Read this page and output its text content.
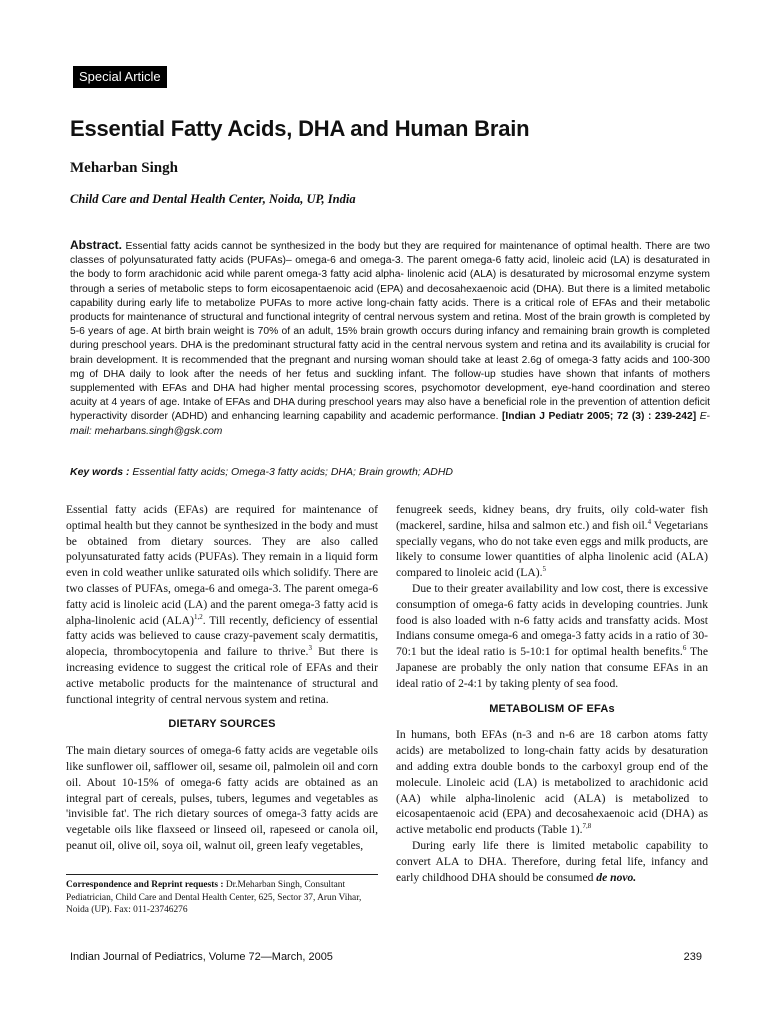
Special Article
Essential Fatty Acids, DHA and Human Brain
Meharban Singh
Child Care and Dental Health Center, Noida, UP, India

Abstract. Essential fatty acids cannot be synthesized in the body but they are required for maintenance of optimal health. There are two classes of polyunsaturated fatty acids (PUFAs)– omega-6 and omega-3. The parent omega-6 fatty acid, linoleic acid (LA) is desaturated in the body to form arachidonic acid while parent omega-3 fatty acid alpha- linolenic acid (ALA) is desaturated by microsomal enzyme system through a series of metabolic steps to form eicosapentaenoic acid (EPA) and decosahexaenoic acid (DHA). But there is a limited metabolic capability during early life to metabolize PUFAs to more active long-chain fatty acids. There is a critical role of EFAs and their metabolic products for maintenance of structural and functional integrity of central nervous system and retina. Most of the brain growth is completed by 5-6 years of age. At birth brain weight is 70% of an adult, 15% brain growth occurs during infancy and remaining brain growth is completed during preschool years. DHA is the predominant structural fatty acid in the central nervous system and retina and its availability is crucial for brain development. It is recommended that the pregnant and nursing woman should take at least 2.6g of omega-3 fatty acids and 100-300 mg of DHA daily to look after the needs of her fetus and suckling infant. The follow-up studies have shown that infants of mothers supplemented with EFAs and DHA had higher mental processing scores, psychomotor development, eye-hand coordination and stereo acuity at 4 years of age. Intake of EFAs and DHA during preschool years may also have a beneficial role in the prevention of attention deficit hyperactivity disorder (ADHD) and enhancing learning capability and academic performance. [Indian J Pediatr 2005; 72 (3) : 239-242] E-mail: meharbans.singh@gsk.com

Key words : Essential fatty acids; Omega-3 fatty acids; DHA; Brain growth; ADHD

Essential fatty acids (EFAs) are required for maintenance of optimal health but they cannot be synthesized in the body and must be obtained from dietary sources. They are also called polyunsaturated fatty acids (PUFAs). They remain in a liquid form even in cold weather unlike saturated oils which solidify. There are two classes of PUFAs, omega-6 and omega-3. The parent omega-6 fatty acid is linoleic acid (LA) and the parent omega-3 fatty acid is alpha-linolenic acid (ALA)$^{1,2}$. Till recently, deficiency of essential fatty acids was believed to cause crazy-pavement scaly dermatitis, alopecia, thrombocytopenia and failure to thrive.$^3$ But there is increasing evidence to suggest the critical role of EFAs and their active metabolic products for the maintenance of structural and functional integrity of central nervous system and retina.

DIETARY SOURCES

The main dietary sources of omega-6 fatty acids are vegetable oils like sunflower oil, safflower oil, sesame oil, palmolein oil and corn oil. About 10-15% of omega-6 fatty acids are obtained as an integral part of cereals, pulses, tubers, legumes and vegetables as 'invisible fat'. The rich dietary sources of omega-3 fatty acids are vegetable oils like flaxseed or linseed oil, rapeseed or canola oil, peanut oil, olive oil, soya oil, walnut oil, green leafy vegetables,

fenugreek seeds, kidney beans, dry fruits, oily cold-water fish (mackerel, sardine, hilsa and salmon etc.) and fish oil.$^4$ Vegetarians specially vegans, who do not take even eggs and milk products, are likely to consume lower quantities of alpha linolenic acid (ALA) compared to linoleic acid (LA).$^5$

Due to their greater availability and low cost, there is excessive consumption of omega-6 fatty acids in developing countries. Junk food is also loaded with n-6 fatty acids and transfatty acids. Most Indians consume omega-6 and omega-3 fatty acids in a ratio of 30-70:1 but the ideal ratio is 5-10:1 for optimal health benefits.$^6$ The Japanese are probably the only nation that consume EFAs in an ideal ratio of 2-4:1 by taking plenty of sea food.

METABOLISM OF EFAs

In humans, both EFAs (n-3 and n-6 are 18 carbon atoms fatty acids) are metabolized to long-chain fatty acids by desaturation and adding extra double bonds to the carboxyl group end of the molecule. Linoleic acid (LA) is metabolized to arachidonic acid (AA) while alpha-linolenic acid (ALA) is metabolized to eicosapentaenoic acid (EPA) and decosahexaenoic acid (DHA) as active metabolic end products (Table 1).$^{7,8}$

During early life there is limited metabolic capability to convert ALA to DHA. Therefore, during fetal life, infancy and early childhood DHA should be consumed de novo.

Correspondence and Reprint requests : Dr.Meharban Singh, Consultant Pediatrician, Child Care and Dental Health Center, 625, Sector 37, Arun Vihar, Noida (UP). Fax: 011-23746276
Indian Journal of Pediatrics, Volume 72—March, 2005	239
